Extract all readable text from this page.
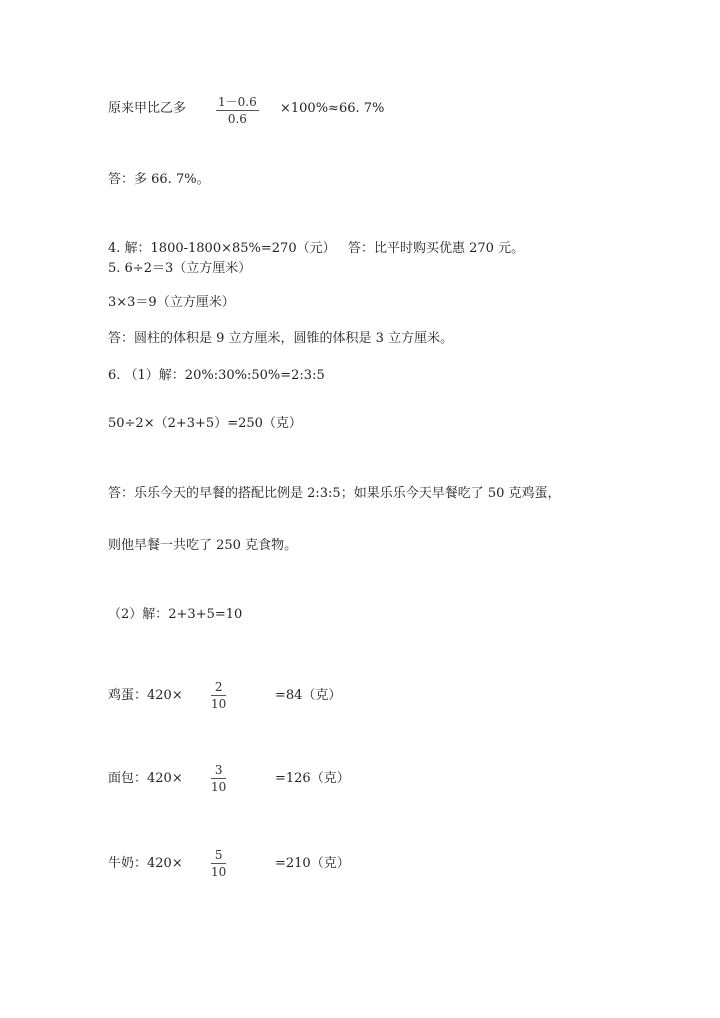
原来甲比乙多	1－0.6
0.6
×100%≈66. 7%
答：多 66. 7%。
4. 解：1800-1800×85%=270（元） 答：比平时购买优惠 270 元。
5. 6÷2＝3（立方厘米）
3×3＝9（立方厘米）
答：圆柱的体积是 9 立方厘米，圆锥的体积是 3 立方厘米。
6. （1）解：20%:30%:50%=2:3:5
50÷2×（2+3+5）=250（克）
答：乐乐今天的早餐的搭配比例是 2:3:5；如果乐乐今天早餐吃了 50 克鸡蛋，
则他早餐一共吃了 250 克食物。
（2）解：2+3+5=10
鸡蛋：420×
2
10
=84（克）
面包：420×
3
10
=126（克）
牛奶：420×
5
10
=210（克）
